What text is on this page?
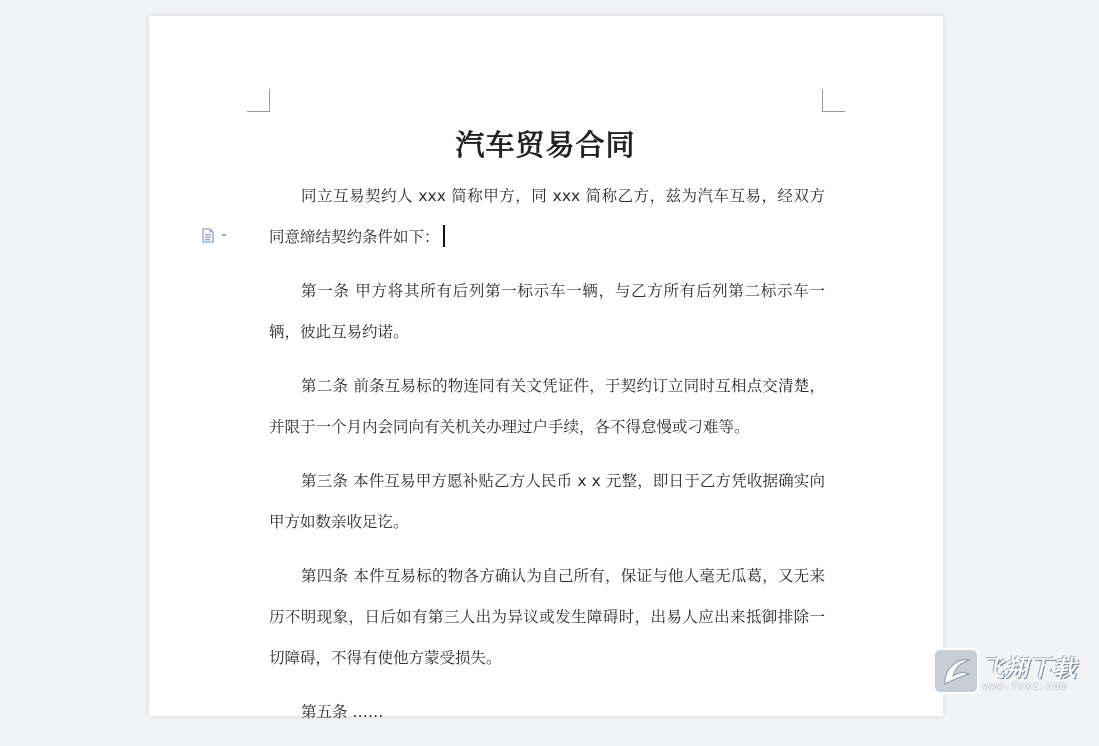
汽车贸易合同

同立互易契约人 xxx 简称甲方，同 xxx 简称乙方，兹为汽车互易，经双方同意缔结契约条件如下：

第一条 甲方将其所有后列第一标示车一辆，与乙方所有后列第二标示车一辆，彼此互易约诺。

第二条 前条互易标的物连同有关文凭证件，于契约订立同时互相点交清楚，并限于一个月内会同向有关机关办理过户手续，各不得怠慢或刁难等。

第三条 本件互易甲方愿补贴乙方人民币 x x 元整，即日于乙方凭收据确实向甲方如数亲收足讫。

第四条 本件互易标的物各方确认为自己所有，保证与他人毫无瓜葛，又无来历不明现象，日后如有第三人出为异议或发生障碍时，出易人应出来抵御排除一切障碍，不得有使他方蒙受损失。

第五条 ……

飞翔下载
www.fxxz.com
